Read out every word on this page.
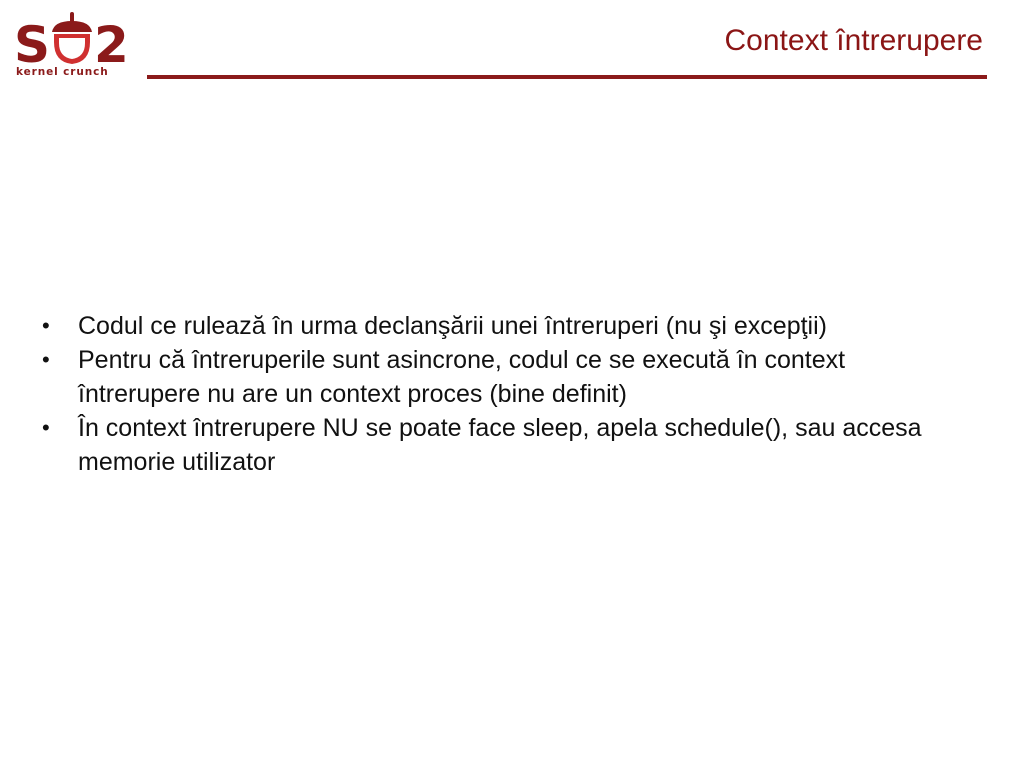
S 2
kernel crunch
Context întrerupere
•	Codul ce rulează în urma declanşării unei întreruperi (nu şi excepţii)
•	Pentru că întreruperile sunt asincrone, codul ce se execută în context întrerupere nu are un context proces (bine definit)
•	În context întrerupere NU se poate face sleep, apela schedule(), sau accesa memorie utilizator
